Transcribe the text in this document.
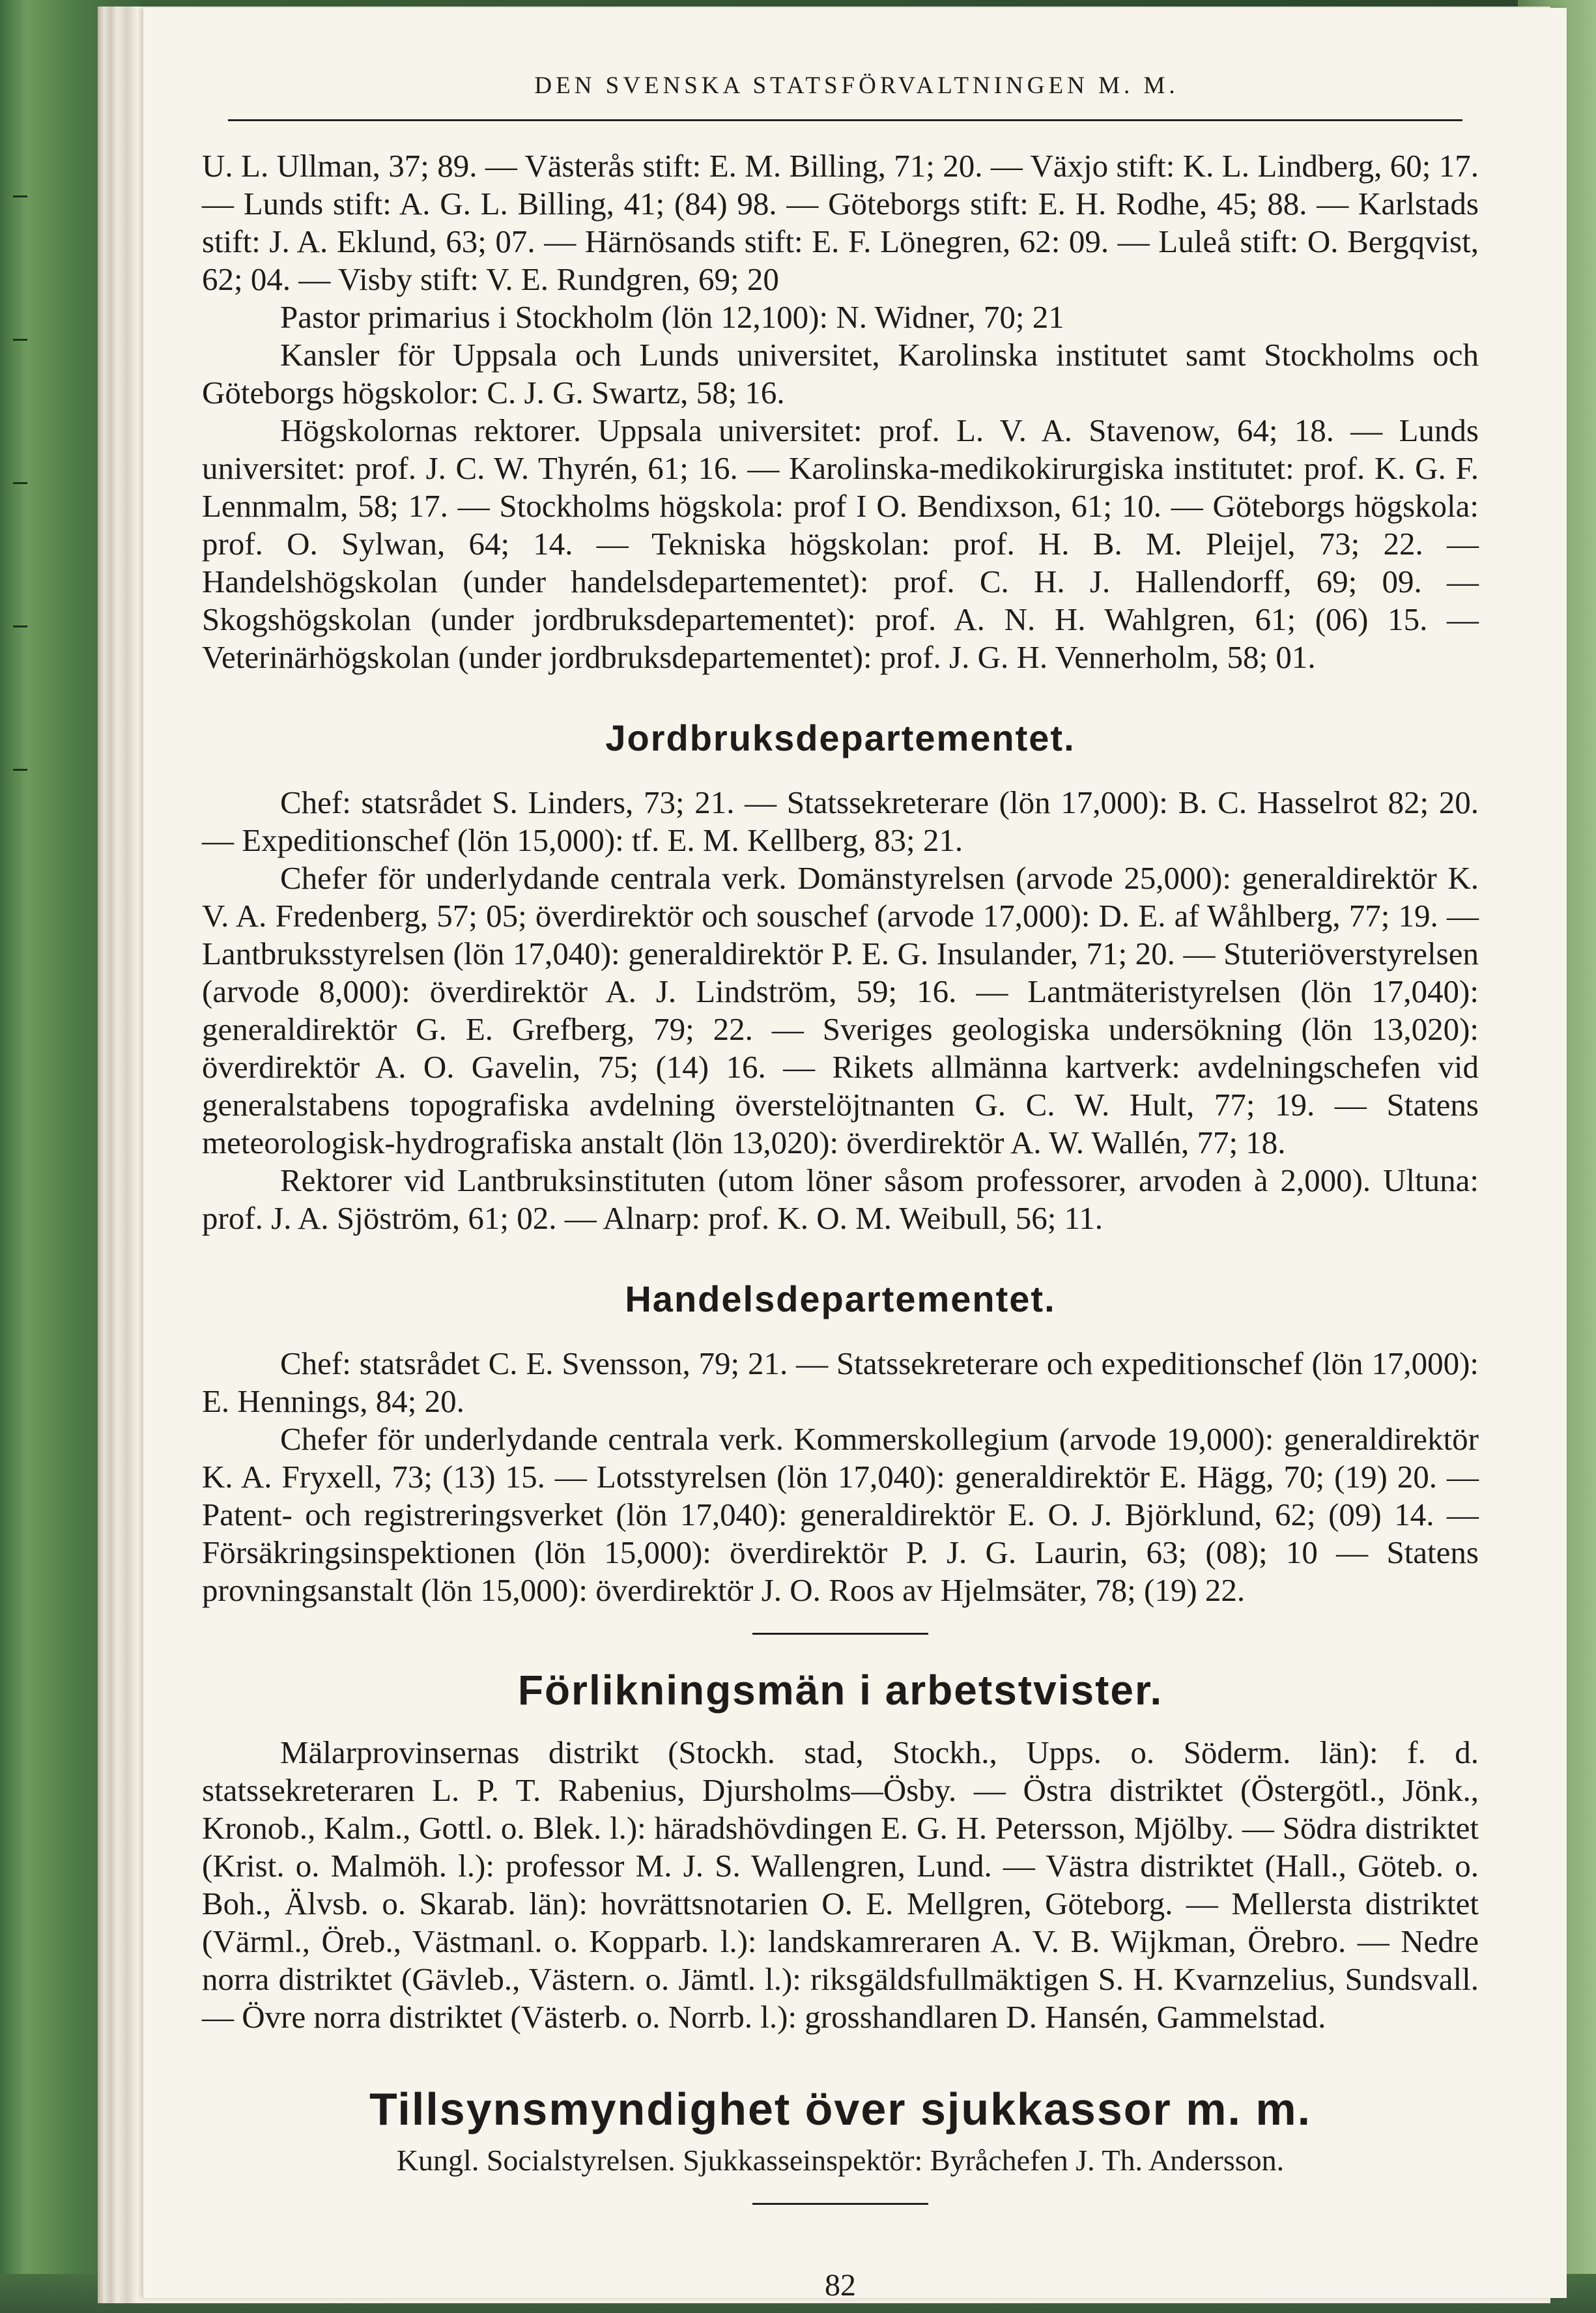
DEN SVENSKA STATSFÖRVALTNINGEN M. M.

U. L. Ullman, 37; 89. — Västerås stift: E. M. Billing, 71; 20. — Växjo stift: K. L. Lindberg, 60; 17. — Lunds stift: A. G. L. Billing, 41; (84) 98. — Göteborgs stift: E. H. Rodhe, 45; 88. — Karlstads stift: J. A. Eklund, 63; 07. — Härnösands stift: E. F. Lönegren, 62: 09. — Luleå stift: O. Bergqvist, 62; 04. — Visby stift: V. E. Rundgren, 69; 20

Pastor primarius i Stockholm (lön 12,100): N. Widner, 70; 21

Kansler för Uppsala och Lunds universitet, Karolinska institutet samt Stockholms och Göteborgs högskolor: C. J. G. Swartz, 58; 16.

Högskolornas rektorer. Uppsala universitet: prof. L. V. A. Stavenow, 64; 18. — Lunds universitet: prof. J. C. W. Thyrén, 61; 16. — Karolinska-medikokirurgiska institutet: prof. K. G. F. Lennmalm, 58; 17. — Stockholms högskola: prof I O. Bendixson, 61; 10. — Göteborgs högskola: prof. O. Sylwan, 64; 14. — Tekniska högskolan: prof. H. B. M. Pleijel, 73; 22. — Handelshögskolan (under handelsdepartementet): prof. C. H. J. Hallendorff, 69; 09. — Skogshögskolan (under jordbruksdepartementet): prof. A. N. H. Wahlgren, 61; (06) 15. — Veterinärhögskolan (under jordbruksdepartementet): prof. J. G. H. Vennerholm, 58; 01.

Jordbruksdepartementet.

Chef: statsrådet S. Linders, 73; 21. — Statssekreterare (lön 17,000): B. C. Hasselrot 82; 20. — Expeditionschef (lön 15,000): tf. E. M. Kellberg, 83; 21.

Chefer för underlydande centrala verk. Domänstyrelsen (arvode 25,000): generaldirektör K. V. A. Fredenberg, 57; 05; överdirektör och souschef (arvode 17,000): D. E. af Wåhlberg, 77; 19. — Lantbruksstyrelsen (lön 17,040): generaldirektör P. E. G. Insulander, 71; 20. — Stuteriöverstyrelsen (arvode 8,000): överdirektör A. J. Lindström, 59; 16. — Lantmäteristyrelsen (lön 17,040): generaldirektör G. E. Grefberg, 79; 22. — Sveriges geologiska undersökning (lön 13,020): överdirektör A. O. Gavelin, 75; (14) 16. — Rikets allmänna kartverk: avdelningschefen vid generalstabens topografiska avdelning överstelöjtnanten G. C. W. Hult, 77; 19. — Statens meteorologisk-hydrografiska anstalt (lön 13,020): överdirektör A. W. Wallén, 77; 18.

Rektorer vid Lantbruksinstituten (utom löner såsom professorer, arvoden à 2,000). Ultuna: prof. J. A. Sjöström, 61; 02. — Alnarp: prof. K. O. M. Weibull, 56; 11.

Handelsdepartementet.

Chef: statsrådet C. E. Svensson, 79; 21. — Statssekreterare och expeditionschef (lön 17,000): E. Hennings, 84; 20.

Chefer för underlydande centrala verk. Kommerskollegium (arvode 19,000): generaldirektör K. A. Fryxell, 73; (13) 15. — Lotsstyrelsen (lön 17,040): generaldirektör E. Hägg, 70; (19) 20. — Patent- och registreringsverket (lön 17,040): generaldirektör E. O. J. Björklund, 62; (09) 14. — Försäkringsinspektionen (lön 15,000): överdirektör P. J. G. Laurin, 63; (08); 10 — Statens provningsanstalt (lön 15,000): överdirektör J. O. Roos av Hjelmsäter, 78; (19) 22.

Förlikningsmän i arbetstvister.

Mälarprovinsernas distrikt (Stockh. stad, Stockh., Upps. o. Söderm. län): f. d. statssekreteraren L. P. T. Rabenius, Djursholms—Ösby. — Östra distriktet (Östergötl., Jönk., Kronob., Kalm., Gottl. o. Blek. l.): häradshövdingen E. G. H. Petersson, Mjölby. — Södra distriktet (Krist. o. Malmöh. l.): professor M. J. S. Wallengren, Lund. — Västra distriktet (Hall., Göteb. o. Boh., Älvsb. o. Skarab. län): hovrättsnotarien O. E. Mellgren, Göteborg. — Mellersta distriktet (Värml., Öreb., Västmanl. o. Kopparb. l.): landskamreraren A. V. B. Wijkman, Örebro. — Nedre norra distriktet (Gävleb., Västern. o. Jämtl. l.): riksgäldsfullmäktigen S. H. Kvarnzelius, Sundsvall. — Övre norra distriktet (Västerb. o. Norrb. l.): grosshandlaren D. Hansén, Gammelstad.

Tillsynsmyndighet över sjukkassor m. m.
Kungl. Socialstyrelsen. Sjukkasseinspektör: Byråchefen J. Th. Andersson.
82
